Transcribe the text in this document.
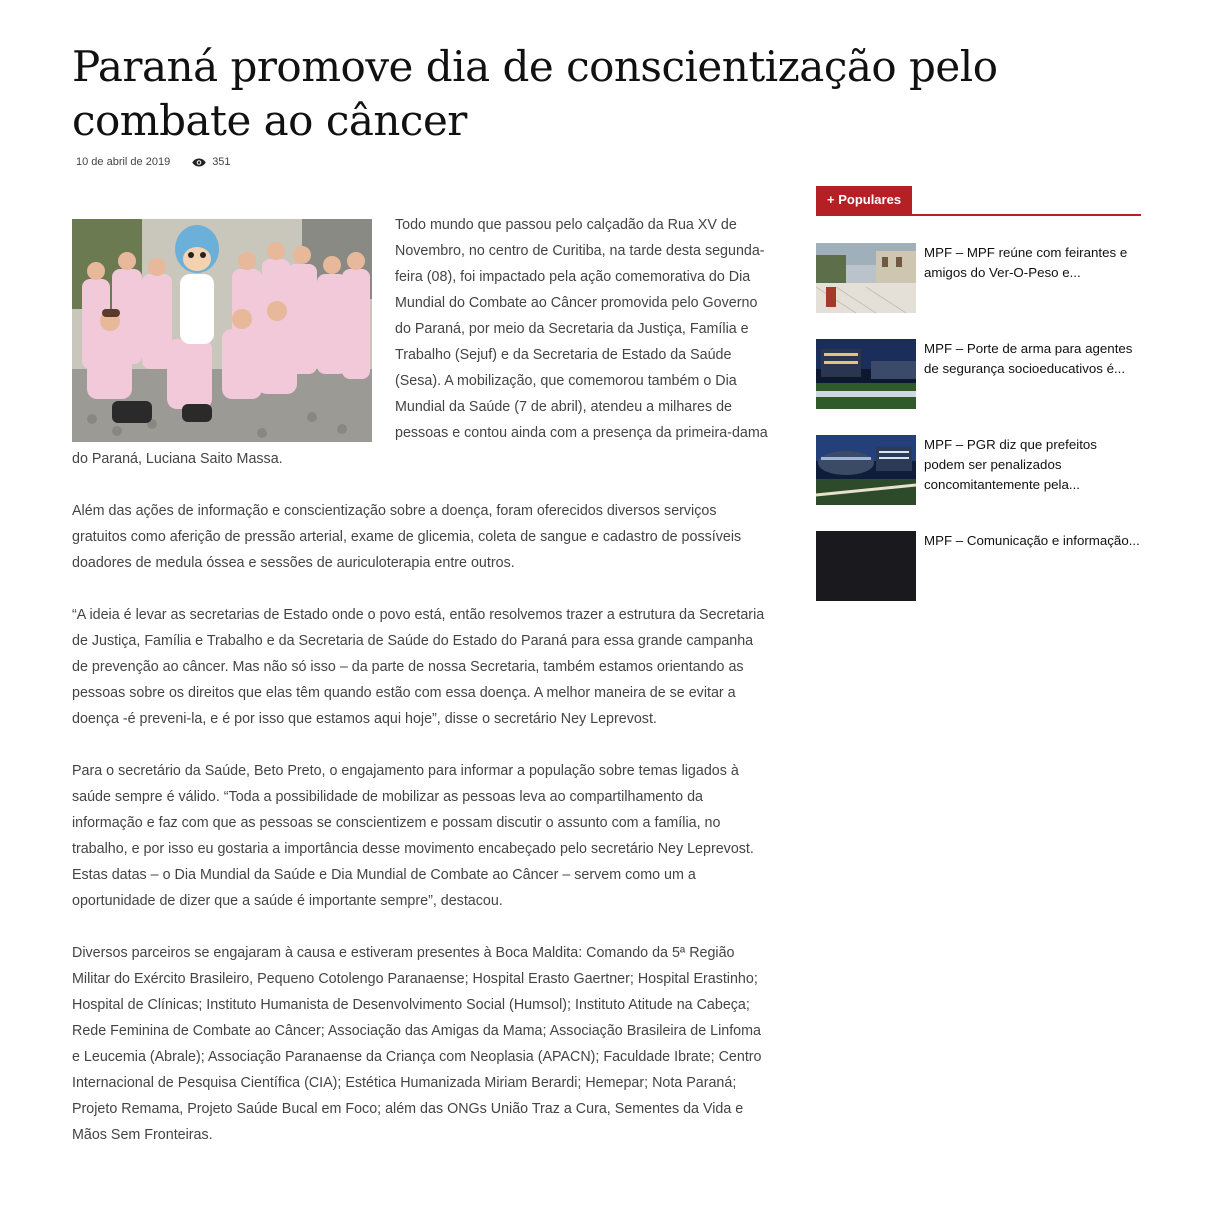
Paraná promove dia de conscientização pelo combate ao câncer
10 de abril de 2019	351

Todo mundo que passou pelo calçadão da Rua XV de Novembro, no centro de Curitiba, na tarde desta segunda-feira (08), foi impactado pela ação comemorativa do Dia Mundial do Combate ao Câncer promovida pelo Governo do Paraná, por meio da Secretaria da Justiça, Família e Trabalho (Sejuf) e da Secretaria de Estado da Saúde (Sesa). A mobilização, que comemorou também o Dia Mundial da Saúde (7 de abril), atendeu a milhares de pessoas e contou ainda com a presença da primeira-dama do Paraná, Luciana Saito Massa.

Além das ações de informação e conscientização sobre a doença, foram oferecidos diversos serviços gratuitos como aferição de pressão arterial, exame de glicemia, coleta de sangue e cadastro de possíveis doadores de medula óssea e sessões de auriculoterapia entre outros.

“A ideia é levar as secretarias de Estado onde o povo está, então resolvemos trazer a estrutura da Secretaria de Justiça, Família e Trabalho e da Secretaria de Saúde do Estado do Paraná para essa grande campanha de prevenção ao câncer. Mas não só isso – da parte de nossa Secretaria, também estamos orientando as pessoas sobre os direitos que elas têm quando estão com essa doença. A melhor maneira de se evitar a doença -é preveni-la, e é por isso que estamos aqui hoje”, disse o secretário Ney Leprevost.

Para o secretário da Saúde, Beto Preto, o engajamento para informar a população sobre temas ligados à saúde sempre é válido. “Toda a possibilidade de mobilizar as pessoas leva ao compartilhamento da informação e faz com que as pessoas se conscientizem e possam discutir o assunto com a família, no trabalho, e por isso eu gostaria a importância desse movimento encabeçado pelo secretário Ney Leprevost. Estas datas – o Dia Mundial da Saúde e Dia Mundial de Combate ao Câncer – servem como um a oportunidade de dizer que a saúde é importante sempre”, destacou.

Diversos parceiros se engajaram à causa e estiveram presentes à Boca Maldita: Comando da 5ª Região Militar do Exército Brasileiro, Pequeno Cotolengo Paranaense; Hospital Erasto Gaertner; Hospital Erastinho; Hospital de Clínicas; Instituto Humanista de Desenvolvimento Social (Humsol); Instituto Atitude na Cabeça; Rede Feminina de Combate ao Câncer; Associação das Amigas da Mama; Associação Brasileira de Linfoma e Leucemia (Abrale); Associação Paranaense da Criança com Neoplasia (APACN); Faculdade Ibrate; Centro Internacional de Pesquisa Científica (CIA); Estética Humanizada Miriam Berardi; Hemepar; Nota Paraná; Projeto Remama, Projeto Saúde Bucal em Foco; além das ONGs União Traz a Cura, Sementes da Vida e Mãos Sem Fronteiras.

+ Populares
MPF – MPF reúne com feirantes e amigos do Ver-O-Peso e...
MPF – Porte de arma para agentes de segurança socioeducativos é...
MPF – PGR diz que prefeitos podem ser penalizados concomitantemente pela...
MPF – Comunicação e informação...
